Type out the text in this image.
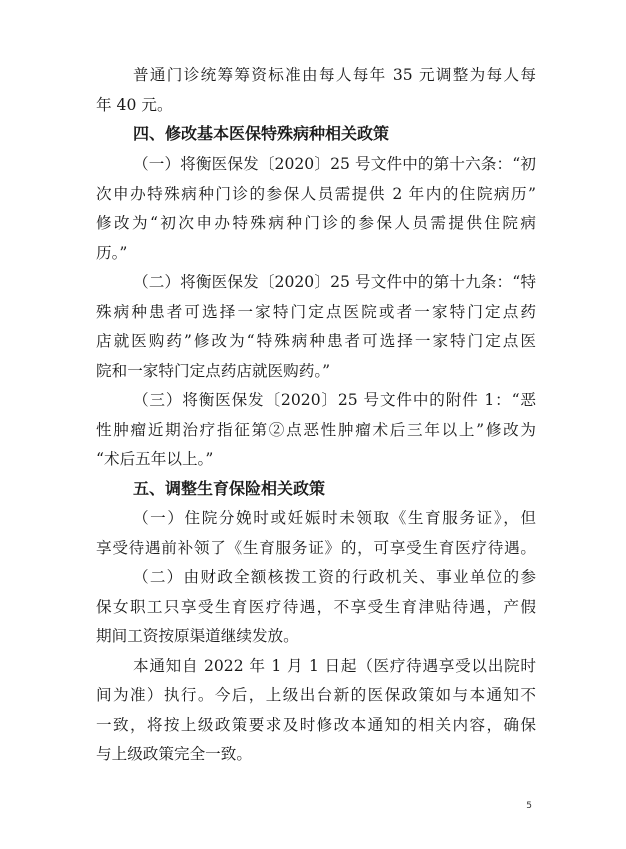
普通门诊统筹筹资标准由每人每年 35 元调整为每人每
年 40 元。
四、修改基本医保特殊病种相关政策
（一）将衡医保发〔2020〕25 号文件中的第十六条：“初
次申办特殊病种门诊的参保人员需提供 2 年内的住院病历”
修改为“初次申办特殊病种门诊的参保人员需提供住院病
历。”
（二）将衡医保发〔2020〕25 号文件中的第十九条：“特
殊病种患者可选择一家特门定点医院或者一家特门定点药
店就医购药”修改为“特殊病种患者可选择一家特门定点医
院和一家特门定点药店就医购药。”
（三）将衡医保发〔2020〕25 号文件中的附件 1：“恶
性肿瘤近期治疗指征第②点恶性肿瘤术后三年以上”修改为
“术后五年以上。”
五、调整生育保险相关政策
（一）住院分娩时或妊娠时未领取《生育服务证》，但
享受待遇前补领了《生育服务证》的，可享受生育医疗待遇。
（二）由财政全额核拨工资的行政机关、事业单位的参
保女职工只享受生育医疗待遇，不享受生育津贴待遇，产假
期间工资按原渠道继续发放。
本通知自 2022 年 1 月 1 日起（医疗待遇享受以出院时
间为准）执行。今后，上级出台新的医保政策如与本通知不
一致，将按上级政策要求及时修改本通知的相关内容，确保
与上级政策完全一致。
5
